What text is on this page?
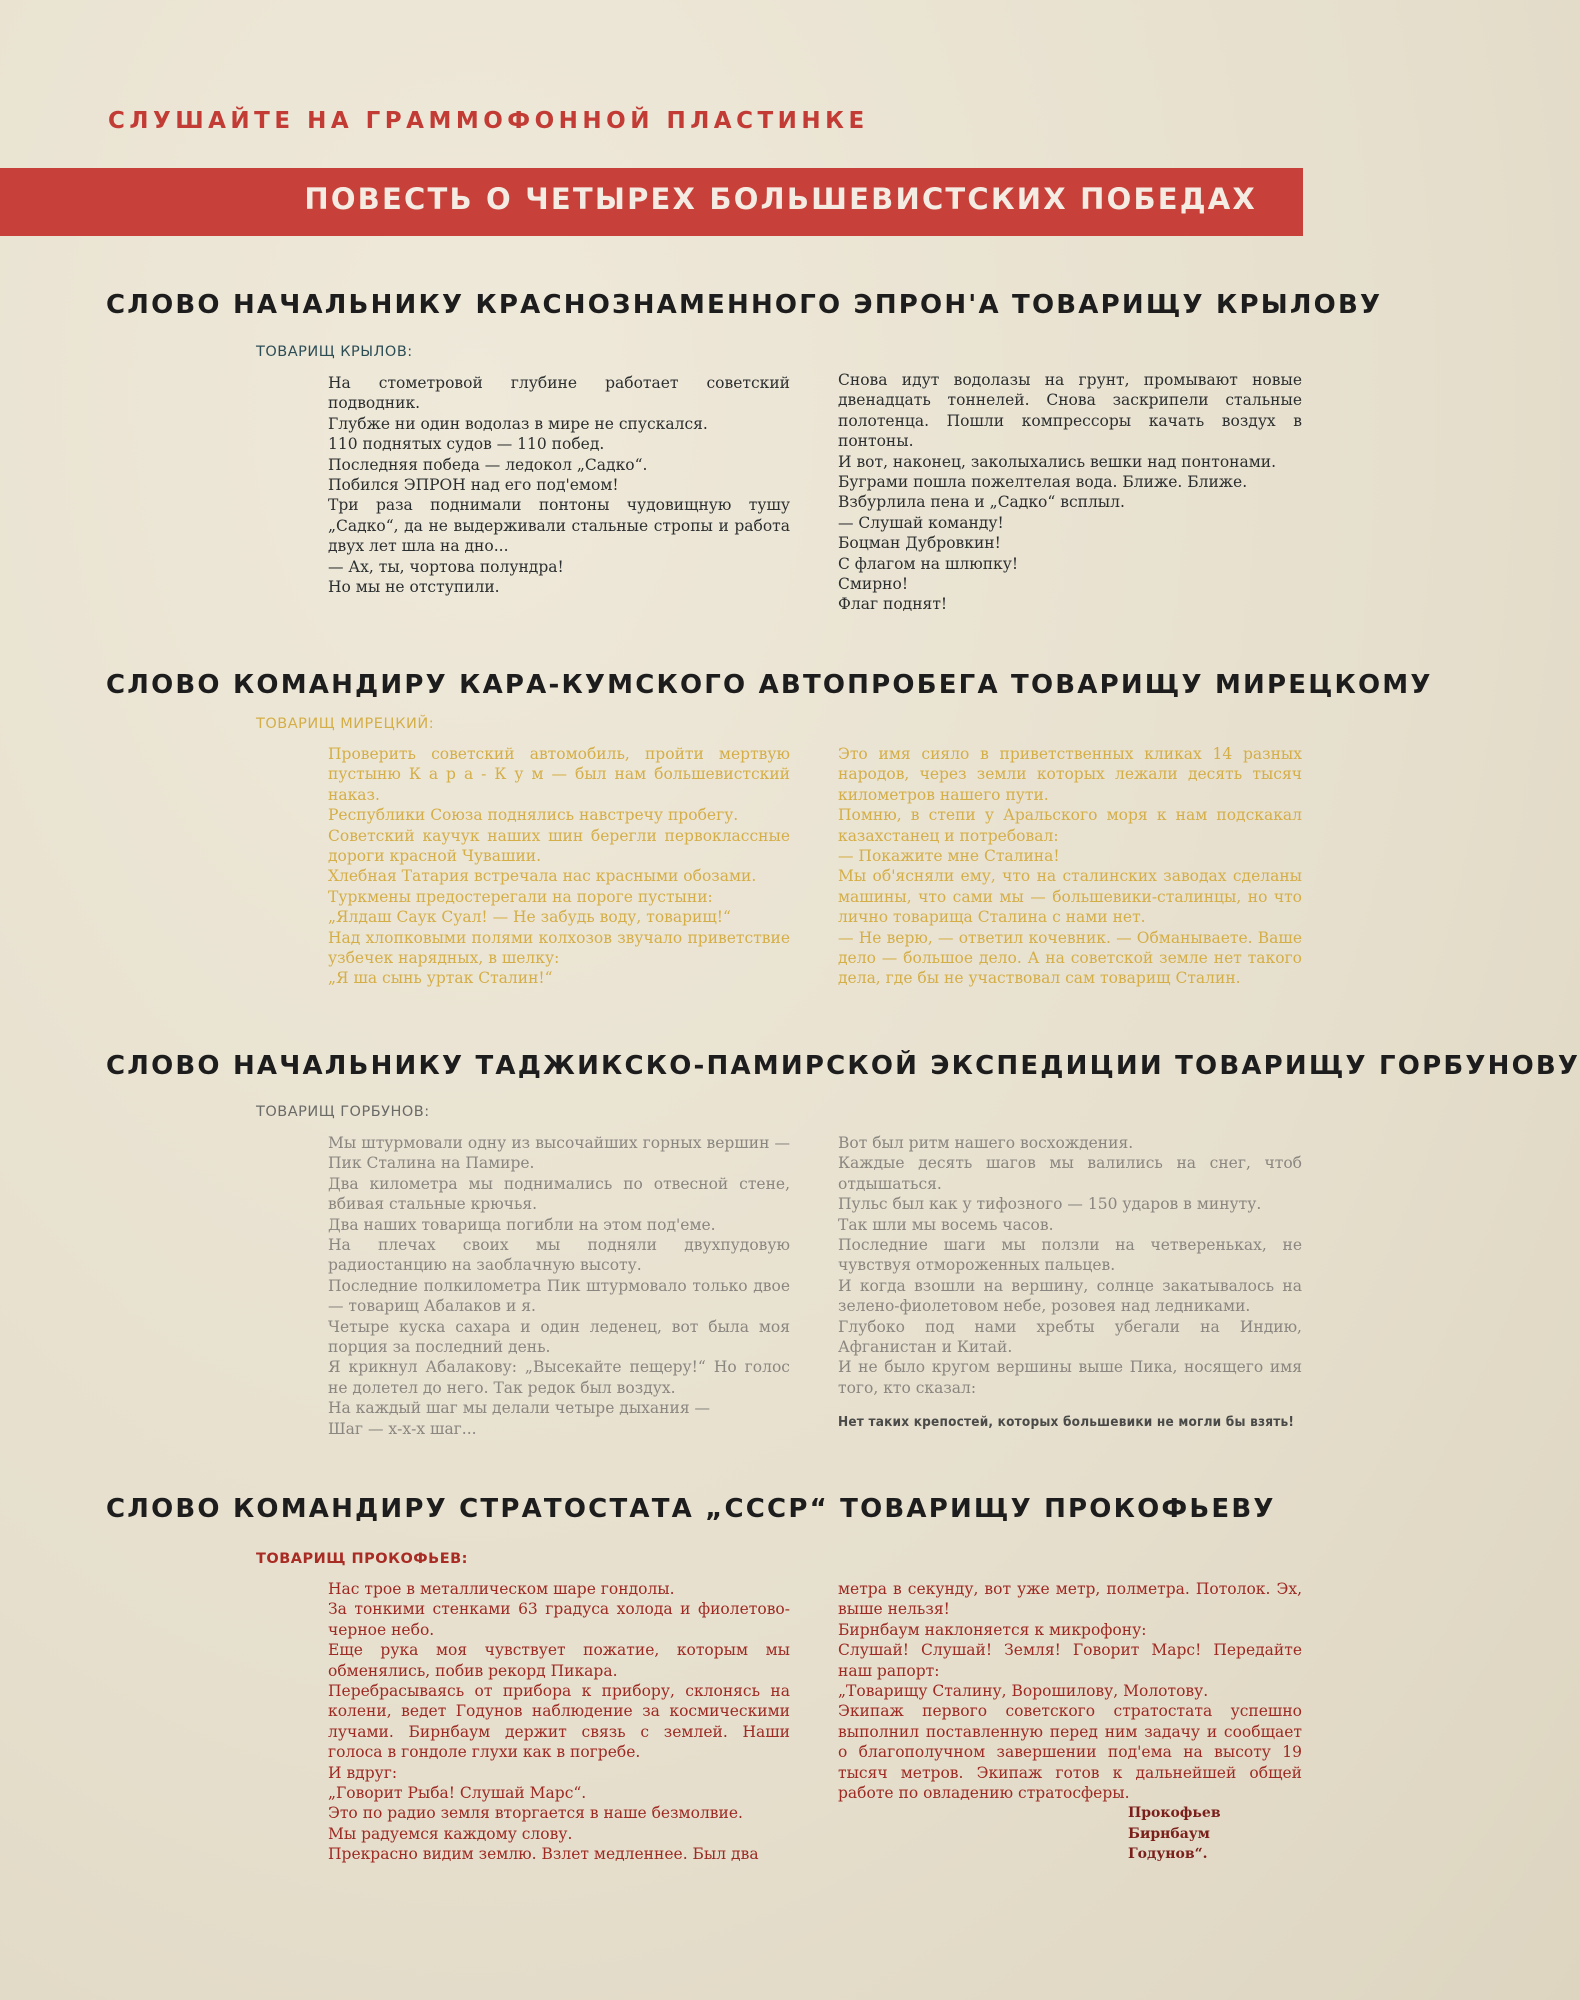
СЛУШАЙТЕ НА ГРАММОФОННОЙ ПЛАСТИНКЕ
ПОВЕСТЬ О ЧЕТЫРЕХ БОЛЬШЕВИСТСКИХ ПОБЕДАХ
СЛОВО НАЧАЛЬНИКУ КРАСНОЗНАМЕННОГО ЭПРОН'А ТОВАРИЩУ КРЫЛОВУ
ТОВАРИЩ КРЫЛОВ:

На стометровой глубине работает советский подводник.

Глубже ни один водолаз в мире не спускался.

110 поднятых судов — 110 побед.

Последняя победа — ледокол „Садко“.

Побился ЭПРОН над его под'емом!

Три раза поднимали понтоны чудовищную тушу „Садко“, да не выдерживали стальные стропы и работа двух лет шла на дно...

— Ах, ты, чортова полундра!

Но мы не отступили.

Снова идут водолазы на грунт, промывают новые двенадцать тоннелей. Снова заскрипели стальные полотенца. Пошли компрессоры качать воздух в понтоны.

И вот, наконец, заколыхались вешки над понтонами.

Буграми пошла пожелтелая вода. Ближе. Ближе.

Взбурлила пена и „Садко“ всплыл.

— Слушай команду!

Боцман Дубровкин!

С флагом на шлюпку!

Смирно!

Флаг поднят!

СЛОВО КОМАНДИРУ КАРА-КУМСКОГО АВТОПРОБЕГА ТОВАРИЩУ МИРЕЦКОМУ
ТОВАРИЩ МИРЕЦКИЙ:

Проверить советский автомобиль, пройти мертвую пустыню К а р а - К у м — был нам большевистский наказ.

Республики Союза поднялись навстречу пробегу.

Советский каучук наших шин берегли первоклассные дороги красной Чувашии.

Хлебная Татария встречала нас красными обозами.

Туркмены предостерегали на пороге пустыни:

„Ялдаш Саук Суал! — Не забудь воду, товарищ!“

Над хлопковыми полями колхозов звучало приветствие узбечек нарядных, в шелку:

„Я ша сынь уртак Сталин!“

Это имя сияло в приветственных кликах 14 разных народов, через земли которых лежали десять тысяч километров нашего пути.

Помню, в степи у Аральского моря к нам подскакал казахстанец и потребовал:

— Покажите мне Сталина!

Мы об'ясняли ему, что на сталинских заводах сделаны машины, что сами мы — большевики-сталинцы, но что лично товарища Сталина с нами нет.

— Не верю, — ответил кочевник. — Обманываете. Ваше дело — большое дело. А на советской земле нет такого дела, где бы не участвовал сам товарищ Сталин.

СЛОВО НАЧАЛЬНИКУ ТАДЖИКСКО-ПАМИРСКОЙ ЭКСПЕДИЦИИ ТОВАРИЩУ ГОРБУНОВУ
ТОВАРИЩ ГОРБУНОВ:

Мы штурмовали одну из высочайших горных вершин — Пик Сталина на Памире.

Два километра мы поднимались по отвесной стене, вбивая стальные крючья.

Два наших товарища погибли на этом под'еме.

На плечах своих мы подняли двухпудовую радиостанцию на заоблачную высоту.

Последние полкилометра Пик штурмовало только двое — товарищ Абалаков и я.

Четыре куска сахара и один леденец, вот была моя порция за последний день.

Я крикнул Абалакову: „Высекайте пещеру!“ Но голос не долетел до него. Так редок был воздух.

На каждый шаг мы делали четыре дыхания —

Шаг — х-х-х шаг...

Вот был ритм нашего восхождения.

Каждые десять шагов мы валились на снег, чтоб отдышаться.

Пульс был как у тифозного — 150 ударов в минуту.

Так шли мы восемь часов.

Последние шаги мы ползли на четвереньках, не чувствуя отмороженных пальцев.

И когда взошли на вершину, солнце закатывалось на зелено-фиолетовом небе, розовея над ледниками.

Глубоко под нами хребты убегали на Индию, Афганистан и Китай.

И не было кругом вершины выше Пика, носящего имя того, кто сказал:

Нет таких крепостей, которых большевики не могли бы взять!

СЛОВО КОМАНДИРУ СТРАТОСТАТА „СССР“ ТОВАРИЩУ ПРОКОФЬЕВУ
ТОВАРИЩ ПРОКОФЬЕВ:

Нас трое в металлическом шаре гондолы.

За тонкими стенками 63 градуса холода и фиолетово-черное небо.

Еще рука моя чувствует пожатие, которым мы обменялись, побив рекорд Пикара.

Перебрасываясь от прибора к прибору, склонясь на колени, ведет Годунов наблюдение за космическими лучами. Бирнбаум держит связь с землей. Наши голоса в гондоле глухи как в погребе.

И вдруг:

„Говорит Рыба! Слушай Марс“.

Это по радио земля вторгается в наше безмолвие.

Мы радуемся каждому слову.

Прекрасно видим землю. Взлет медленнее. Был два

метра в секунду, вот уже метр, полметра. Потолок. Эх, выше нельзя!

Бирнбаум наклоняется к микрофону:

Слушай! Слушай! Земля! Говорит Марс! Передайте наш рапорт:

„Товарищу Сталину, Ворошилову, Молотову.

Экипаж первого советского стратостата успешно выполнил поставленную перед ним задачу и сообщает о благополучном завершении под'ема на высоту 19 тысяч метров. Экипаж готов к дальнейшей общей работе по овладению стратосферы.

Прокофьев

Бирнбаум

Годунов“.
